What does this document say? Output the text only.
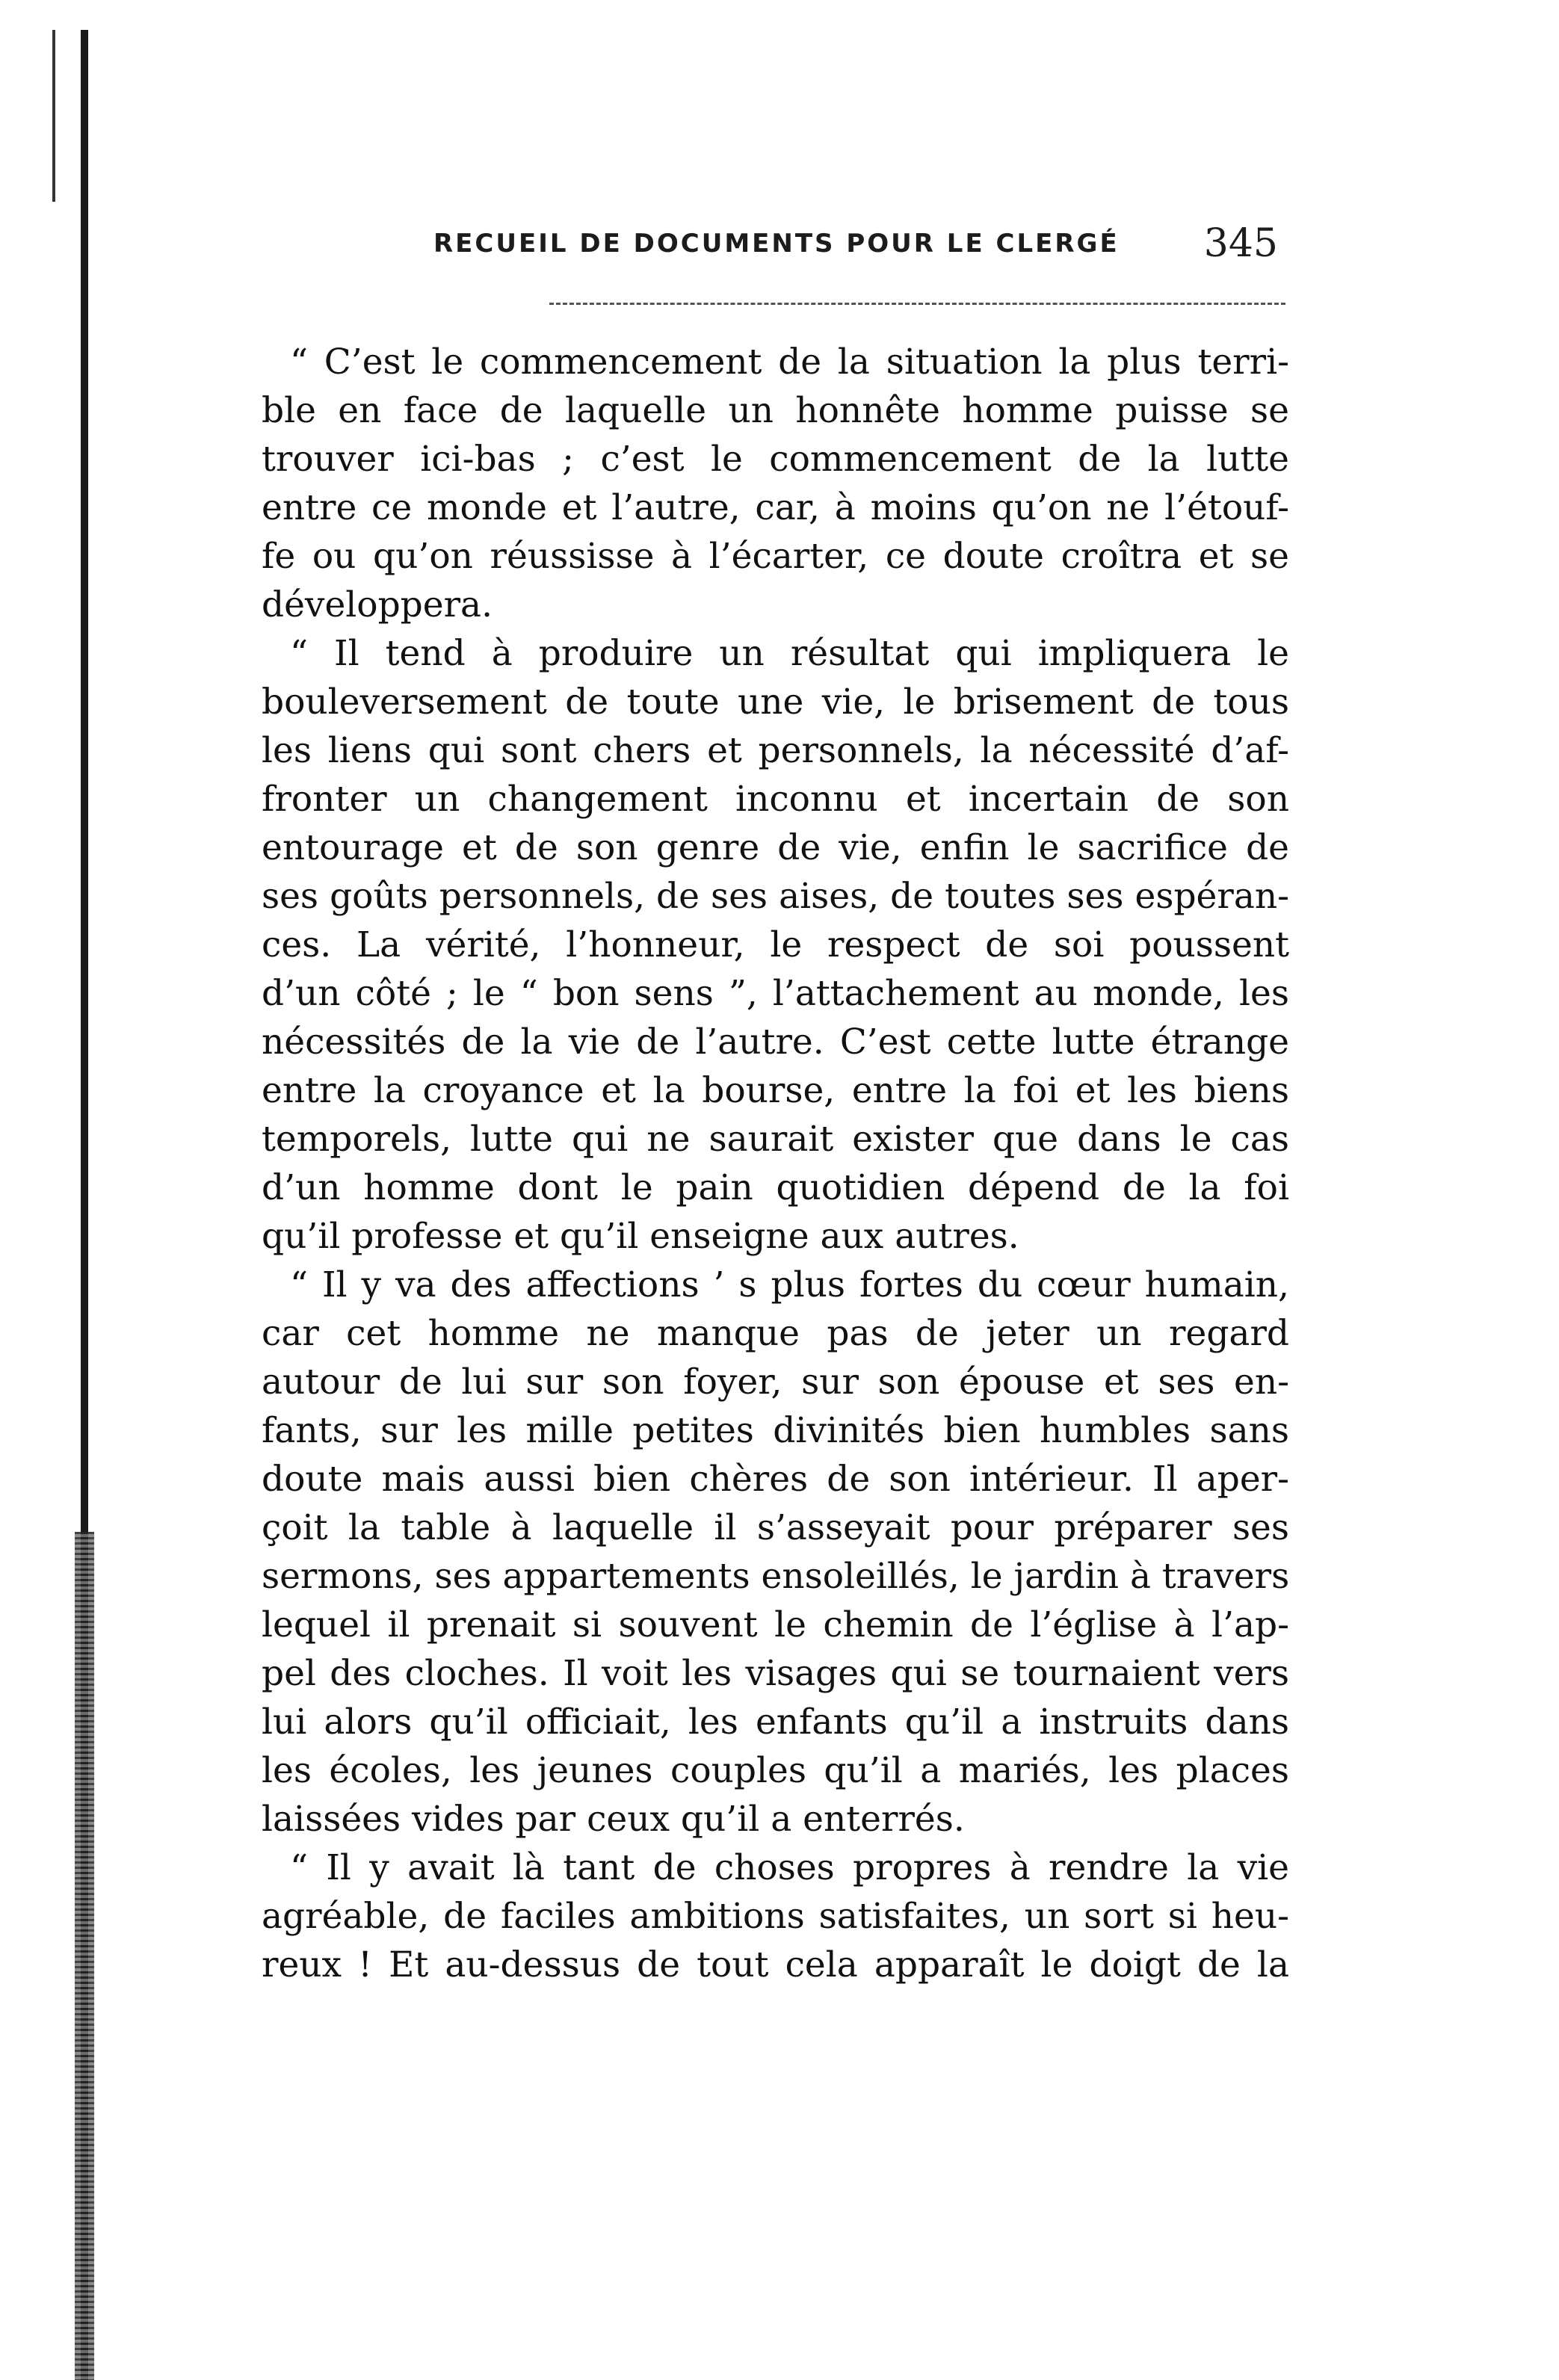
RECUEIL DE DOCUMENTS POUR LE CLERGÉ 345
“ C’est le commencement de la situation la plus terri-
ble en face de laquelle un honnête homme puisse se
trouver ici-bas ; c’est le commencement de la lutte
entre ce monde et l’autre, car, à moins qu’on ne l’étouf-
fe ou qu’on réussisse à l’écarter, ce doute croîtra et se
développera.
“ Il tend à produire un résultat qui impliquera le
bouleversement de toute une vie, le brisement de tous
les liens qui sont chers et personnels, la nécessité d’af-
fronter un changement inconnu et incertain de son
entourage et de son genre de vie, enfin le sacrifice de
ses goûts personnels, de ses aises, de toutes ses espéran-
ces. La vérité, l’honneur, le respect de soi poussent
d’un côté ; le “ bon sens ”, l’attachement au monde, les
nécessités de la vie de l’autre. C’est cette lutte étrange
entre la croyance et la bourse, entre la foi et les biens
temporels, lutte qui ne saurait exister que dans le cas
d’un homme dont le pain quotidien dépend de la foi
qu’il professe et qu’il enseigne aux autres.
“ Il y va des affections ’ s plus fortes du cœur humain,
car cet homme ne manque pas de jeter un regard
autour de lui sur son foyer, sur son épouse et ses en-
fants, sur les mille petites divinités bien humbles sans
doute mais aussi bien chères de son intérieur. Il aper-
çoit la table à laquelle il s’asseyait pour préparer ses
sermons, ses appartements ensoleillés, le jardin à travers
lequel il prenait si souvent le chemin de l’église à l’ap-
pel des cloches. Il voit les visages qui se tournaient vers
lui alors qu’il officiait, les enfants qu’il a instruits dans
les écoles, les jeunes couples qu’il a mariés, les places
laissées vides par ceux qu’il a enterrés.
“ Il y avait là tant de choses propres à rendre la vie
agréable, de faciles ambitions satisfaites, un sort si heu-
reux ! Et au-dessus de tout cela apparaît le doigt de la
